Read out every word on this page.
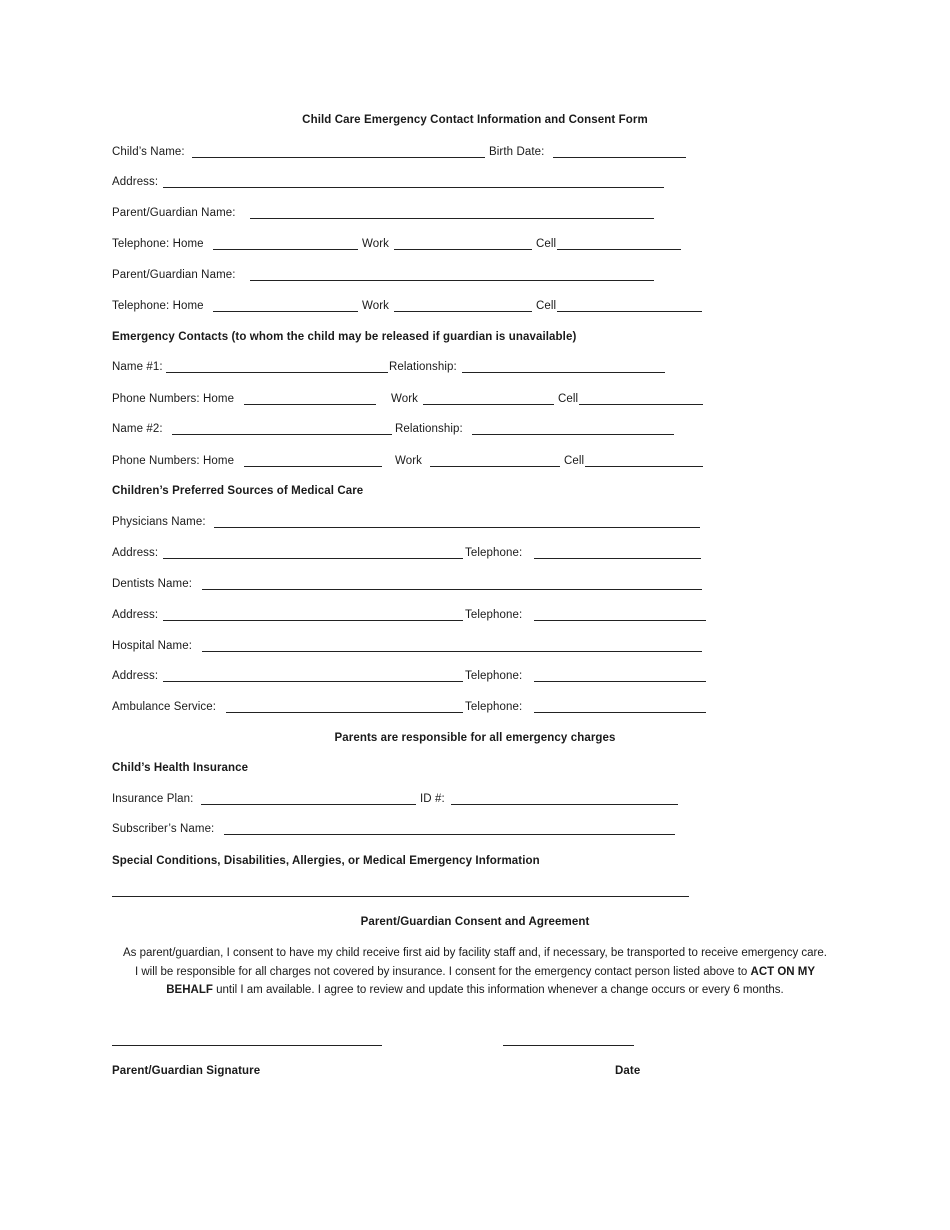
Child Care Emergency Contact Information and Consent Form
Child’s Name:	Birth Date:
Address:
Parent/Guardian Name:
Telephone: Home	Work	Cell
Parent/Guardian Name:
Telephone: Home	Work	Cell
Emergency Contacts (to whom the child may be released if guardian is unavailable)
Name #1:	Relationship:
Phone Numbers: Home	Work	Cell
Name #2:	Relationship:
Phone Numbers: Home	Work	Cell
Children’s Preferred Sources of Medical Care
Physicians Name:
Address:	Telephone:
Dentists Name:
Address:	Telephone:
Hospital Name:
Address:	Telephone:
Ambulance Service:	Telephone:
Parents are responsible for all emergency charges
Child’s Health Insurance
Insurance Plan:	ID #:
Subscriber’s Name:
Special Conditions, Disabilities, Allergies, or Medical Emergency Information
Parent/Guardian Consent and Agreement
As parent/guardian, I consent to have my child receive first aid by facility staff and, if necessary, be transported to receive emergency care. I will be responsible for all charges not covered by insurance. I consent for the emergency contact person listed above to ACT ON MY BEHALF until I am available. I agree to review and update this information whenever a change occurs or every 6 months.
Parent/Guardian Signature	Date
